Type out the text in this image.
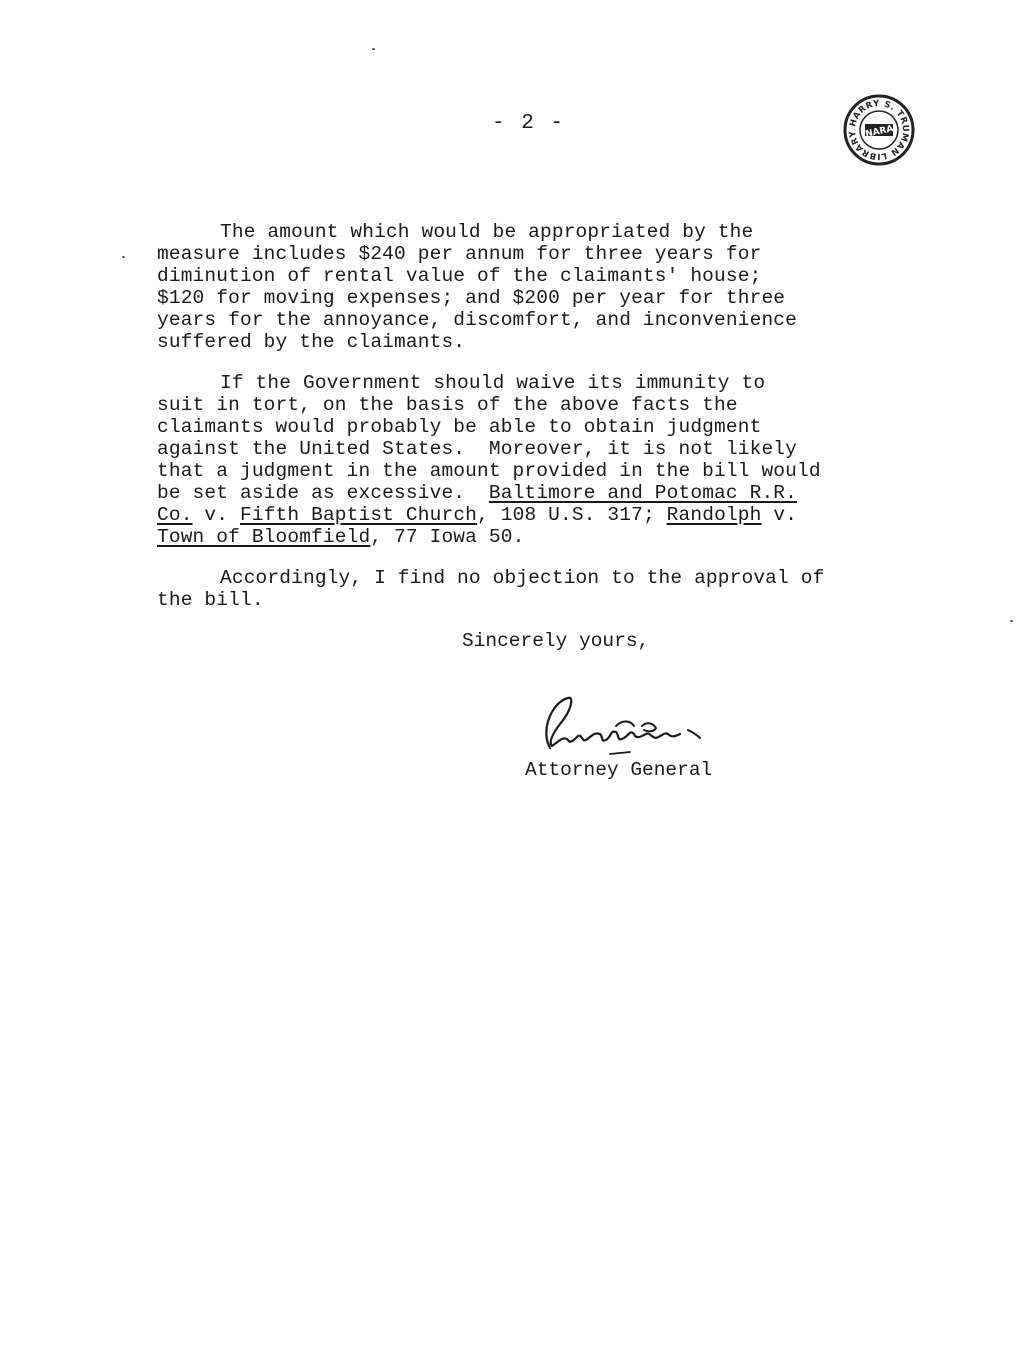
- 2 -	HARRY S. TRUMAN LIBRARY NARA
The amount which would be appropriated by the
measure includes $240 per annum for three years for
diminution of rental value of the claimants' house;
$120 for moving expenses; and $200 per year for three
years for the annoyance, discomfort, and inconvenience
suffered by the claimants.
If the Government should waive its immunity to
suit in tort, on the basis of the above facts the
claimants would probably be able to obtain judgment
against the United States.  Moreover, it is not likely
that a judgment in the amount provided in the bill would
be set aside as excessive.  Baltimore and Potomac R.R.
Co. v. Fifth Baptist Church, 108 U.S. 317; Randolph v.
Town of Bloomfield, 77 Iowa 50.
Accordingly, I find no objection to the approval of
the bill.
Sincerely yours,
Attorney General
